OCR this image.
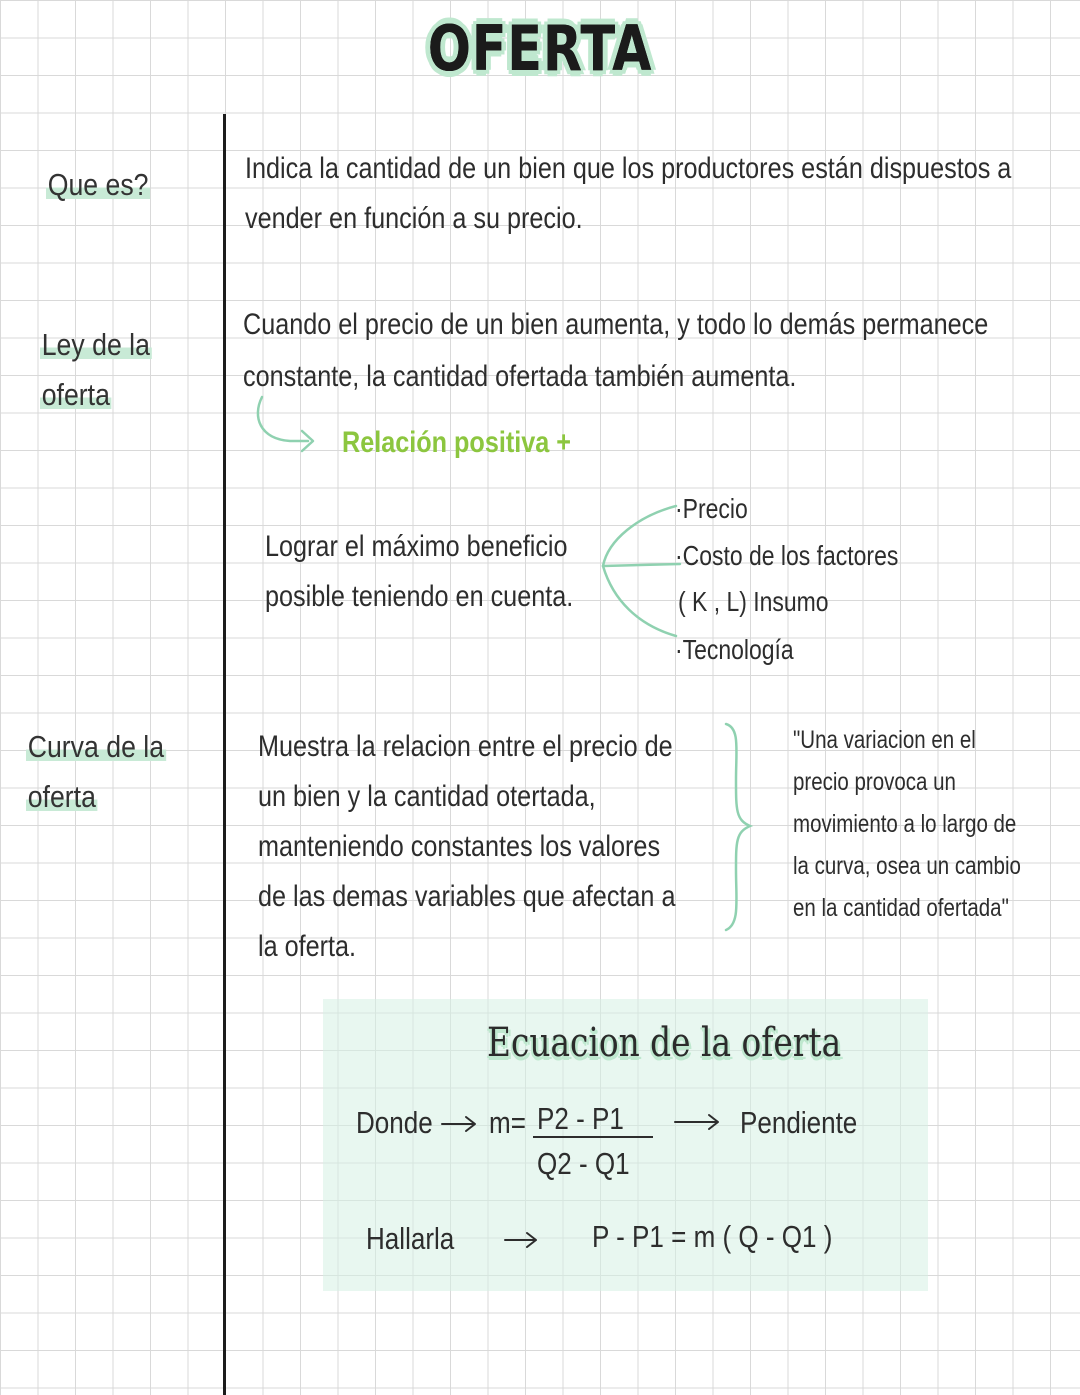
OFERTA
Que es?	Indica la cantidad de un bien que los productores están dispuestos a
vender en función a su precio.
Ley de la
oferta
Cuando el precio de un bien aumenta, y todo lo demás permanece
constante, la cantidad ofertada también aumenta.
Relación positiva +
Lograr el máximo beneficio
posible teniendo en cuenta.
·Precio
·Costo de los factores
( K , L) Insumo
·Tecnología
Curva de la
oferta
Muestra la relacion entre el precio de
un bien y la cantidad otertada,
manteniendo constantes los valores
de las demas variables que afectan a
la oferta.
"Una variacion en el
precio provoca un
movimiento a lo largo de
la curva, osea un cambio
en la cantidad ofertada"
Ecuacion de la oferta
Donde m= P2 - P1
Q2 - Q1
Pendiente
Hallarla	P - P1 = m ( Q - Q1 )
